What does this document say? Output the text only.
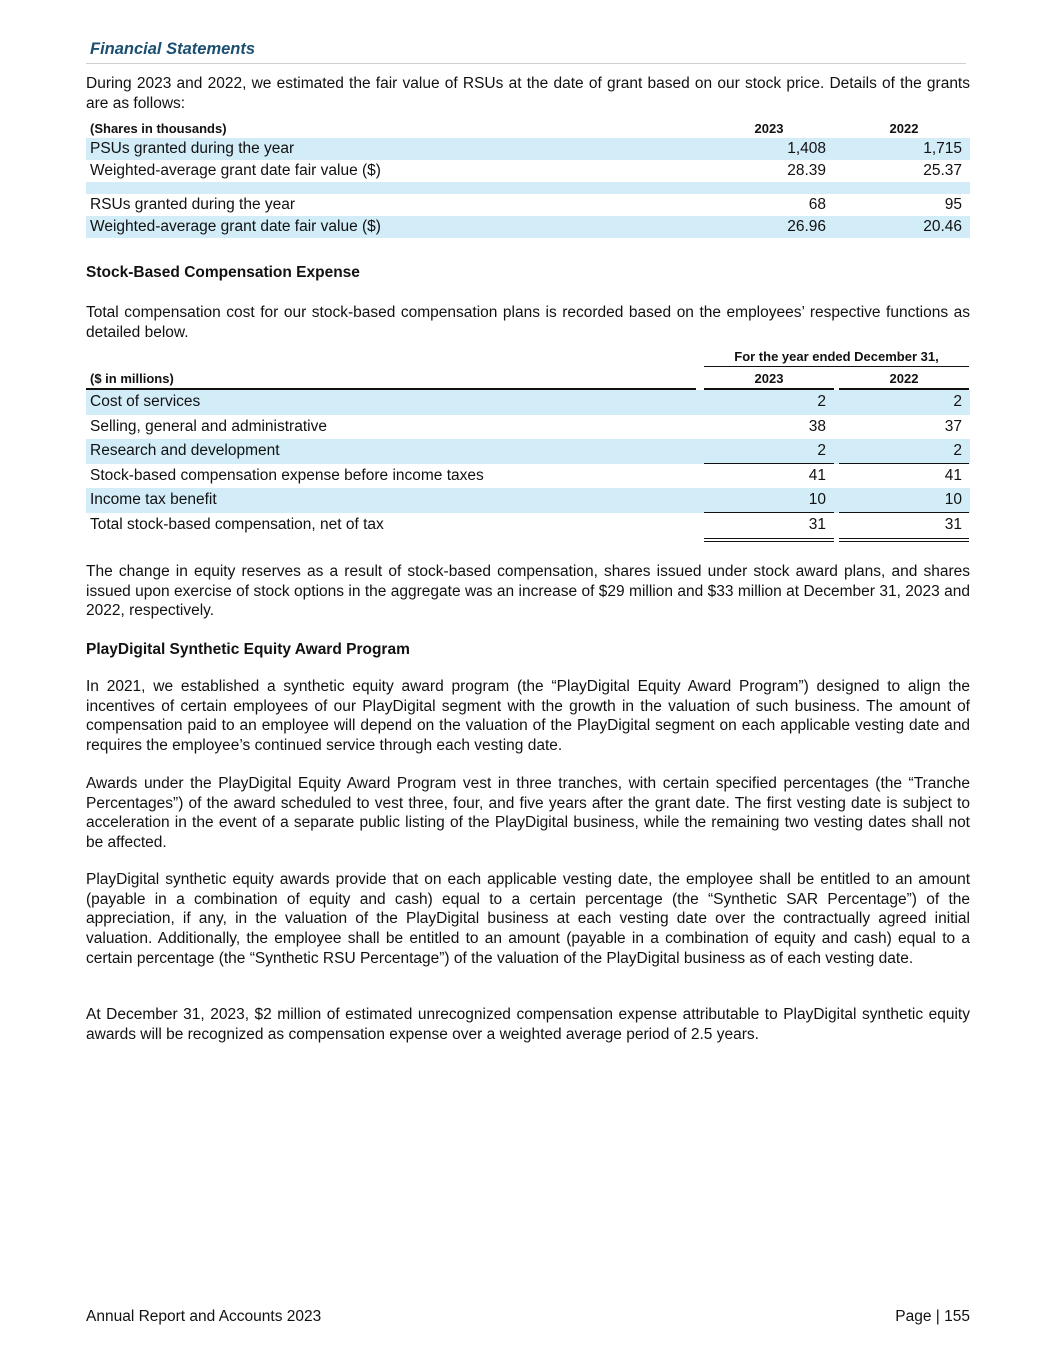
Financial Statements

During 2023 and 2022, we estimated the fair value of RSUs at the date of grant based on our stock price. Details of the grants are as follows:

(Shares in thousands)	2023	2022
PSUs granted during the year	1,408	1,715
Weighted-average grant date fair value ($)	28.39	25.37
RSUs granted during the year	68	95
Weighted-average grant date fair value ($)	26.96	20.46
Stock-Based Compensation Expense

Total compensation cost for our stock-based compensation plans is recorded based on the employees’ respective functions as detailed below.

For the year ended December 31,
($ in millions)	2023	2022
Cost of services	2	2
Selling, general and administrative	38	37
Research and development	2	2
Stock-based compensation expense before income taxes	41	41
Income tax benefit	10	10
Total stock-based compensation, net of tax	31	31

The change in equity reserves as a result of stock-based compensation, shares issued under stock award plans, and shares issued upon exercise of stock options in the aggregate was an increase of $29 million and $33 million at December 31, 2023 and 2022, respectively.

PlayDigital Synthetic Equity Award Program

In 2021, we established a synthetic equity award program (the “PlayDigital Equity Award Program”) designed to align the incentives of certain employees of our PlayDigital segment with the growth in the valuation of such business. The amount of compensation paid to an employee will depend on the valuation of the PlayDigital segment on each applicable vesting date and requires the employee’s continued service through each vesting date.

Awards under the PlayDigital Equity Award Program vest in three tranches, with certain specified percentages (the “Tranche Percentages”) of the award scheduled to vest three, four, and five years after the grant date. The first vesting date is subject to acceleration in the event of a separate public listing of the PlayDigital business, while the remaining two vesting dates shall not be affected.

PlayDigital synthetic equity awards provide that on each applicable vesting date, the employee shall be entitled to an amount (payable in a combination of equity and cash) equal to a certain percentage (the “Synthetic SAR Percentage”) of the appreciation, if any, in the valuation of the PlayDigital business at each vesting date over the contractually agreed initial valuation. Additionally, the employee shall be entitled to an amount (payable in a combination of equity and cash) equal to a certain percentage (the “Synthetic RSU Percentage”) of the valuation of the PlayDigital business as of each vesting date.

At December 31, 2023, $2 million of estimated unrecognized compensation expense attributable to PlayDigital synthetic equity awards will be recognized as compensation expense over a weighted average period of 2.5 years.

Annual Report and Accounts 2023	Page | 155
